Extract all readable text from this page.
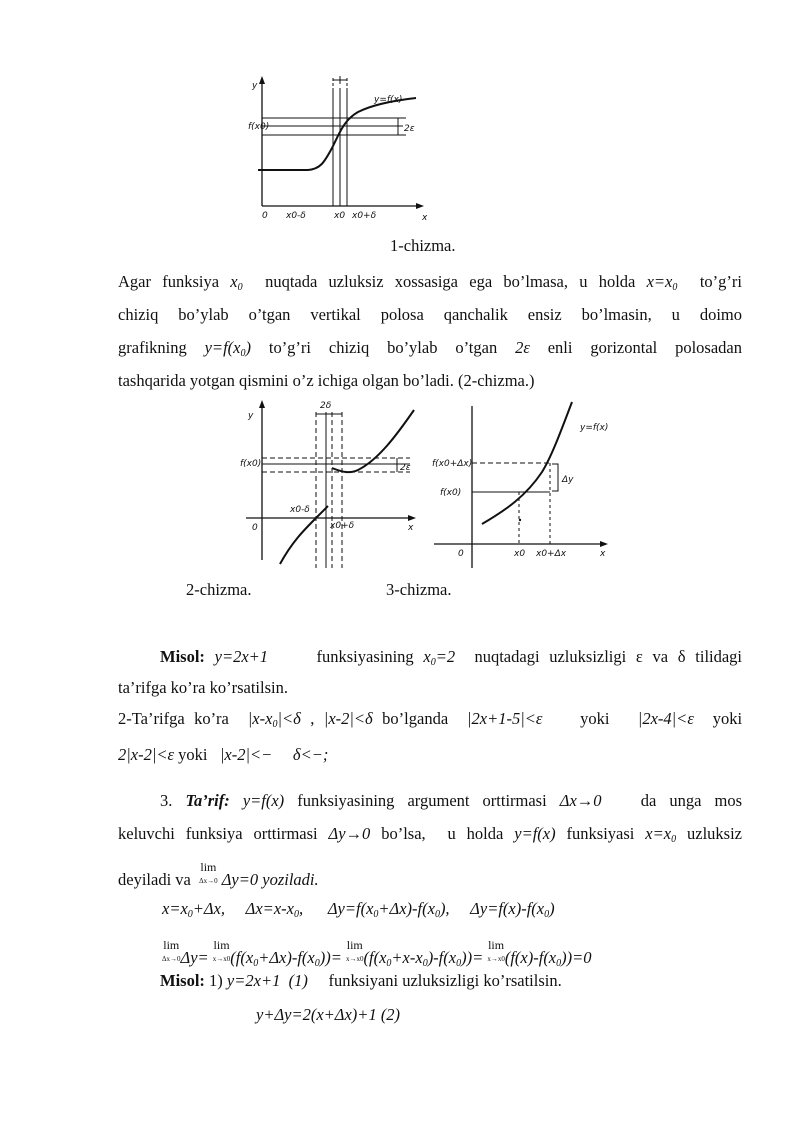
y
x
0
y=f(x)
f(x0)	2ε
x0-δ	x0 x0+δ
1-chizma.
Agar funksiya $x_0$  nuqtada uzluksiz xossasiga ega bo’lmasa, u holda $x=x_0$  to’g’ri
chiziq bo’ylab o’tgan vertikal polosa qanchalik ensiz bo’lmasin, u doimo
grafikning $y=f(x_0)$ to’g’ri chiziq bo’ylab o’tgan 2ε enli gorizontal polosadan
tashqarida yotgan qismini o’z ichiga olgan bo’ladi. (2-chizma.)
y
x
0
2δ
f(x0)	2ε
x0-δ
x0+δ
y=f(x)
f(x0+Δx)
f(x0)
Δy
0	x0 x0+Δx	x
2-chizma.	3-chizma.
Misol: y=2x+1     funksiyasining $x_0=2$  nuqtadagi uzluksizligi ε va δ tilidagi
ta’rifga ko’ra ko’rsatilsin.
2-Ta’rifga ko’ra  $|x-x_0|<\delta$ , |x-2|<δ bo’lganda  |2x+1-5|<ε    yoki   |2x-4|<ε  yoki
2|x-2|<ε yoki   |x-2|<−     δ<−;
3. Ta’rif: y=f(x) funksiyasining argument orttirmasi Δx→0   da unga mos
keluvchi funksiya orttirmasi Δy→0 bo’lsa,  u holda y=f(x) funksiyasi $x=x_0$ uzluksiz
deyiladi va  lim
Δx→0 Δy=0 yoziladi.
$x=x_0+\Delta x$,     $\Delta x=x-x_0$,      $\Delta y=f(x_0+\Delta x)-f(x_0)$,     $\Delta y=f(x)-f(x_0)$
lim
Δx→0 Δy= lim
x→x0 $(f(x_0+\Delta x)-f(x_0))= \lim$
x→x0 $(f(x_0+x-x_0)-f(x_0))= \lim$
x→x0 $(f(x)-f(x_0))=0$
Misol: 1) y=2x+1  (1)     funksiyani uzluksizligi ko’rsatilsin.
y+Δy=2(x+Δx)+1 (2)
